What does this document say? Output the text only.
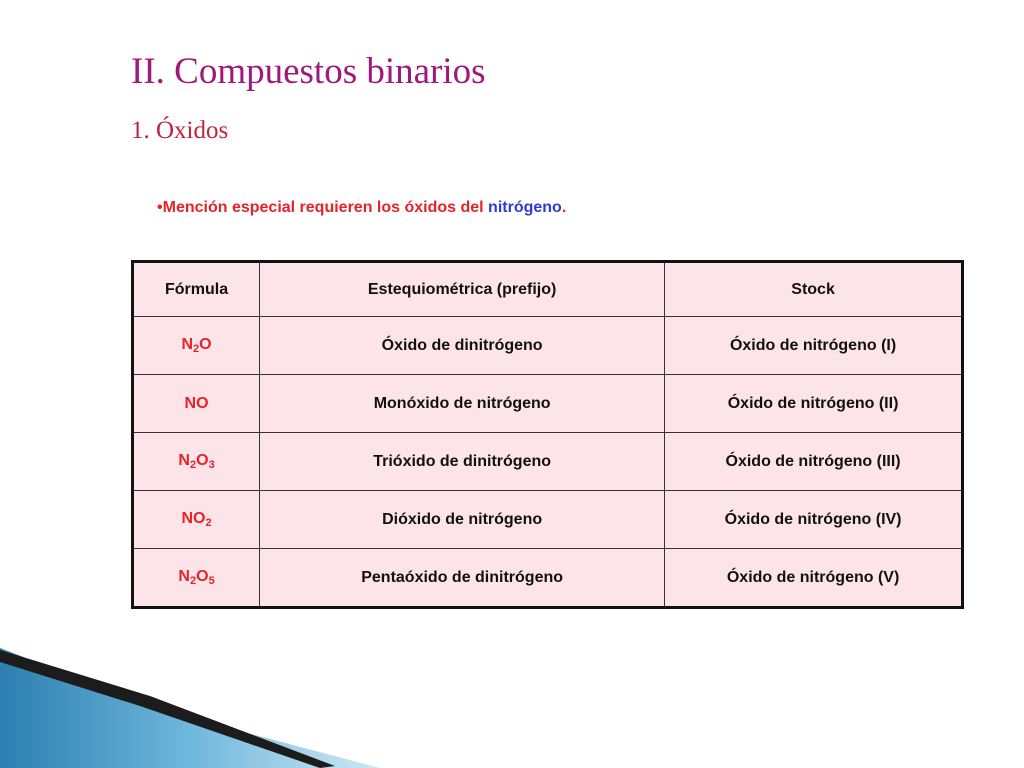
II. Compuestos binarios
1. Óxidos
•Mención especial requieren los óxidos del nitrógeno.
Fórmula	Estequiométrica (prefijo)	Stock
$N_2O$	Óxido de dinitrógeno	Óxido de nitrógeno (I)
NO	Monóxido de nitrógeno	Óxido de nitrógeno (II)
$N_2O_3$	Trióxido de dinitrógeno	Óxido de nitrógeno (III)
$NO_2$	Dióxido de nitrógeno	Óxido de nitrógeno (IV)
$N_2O_5$	Pentaóxido de dinitrógeno	Óxido de nitrógeno (V)
